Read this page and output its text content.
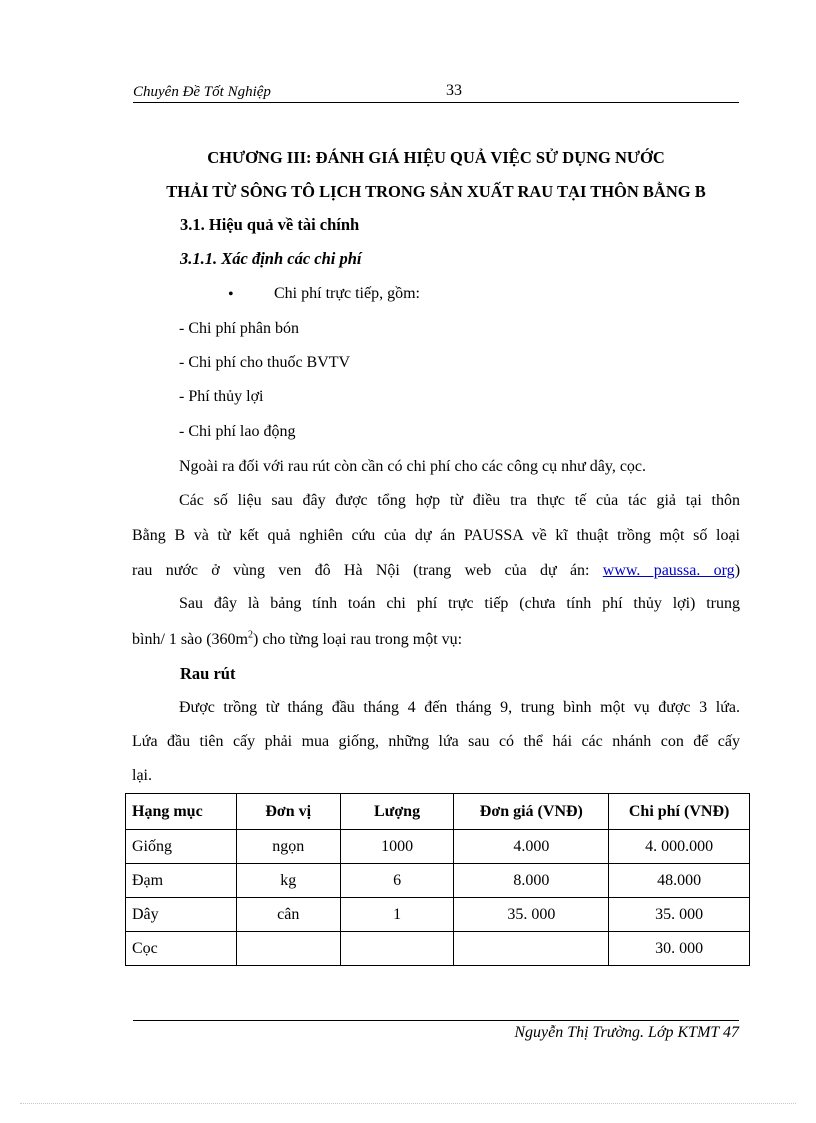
Chuyên Đề Tốt Nghiệp	33
CHƯƠNG III: ĐÁNH GIÁ HIỆU QUẢ VIỆC SỬ DỤNG NƯỚC
THẢI TỪ SÔNG TÔ LỊCH TRONG SẢN XUẤT RAU TẠI THÔN BẰNG B
3.1. Hiệu quả về tài chính
3.1.1. Xác định các chi phí
•	Chi phí trực tiếp, gồm:
- Chi phí phân bón
- Chi phí cho thuốc BVTV
- Phí thủy lợi
- Chi phí lao động
Ngoài ra đối với rau rút còn cần có chi phí cho các công cụ như dây, cọc.
Các số liệu sau đây được tổng hợp từ điều tra thực tế của tác giả tại thôn
Bằng B và từ kết quả nghiên cứu của dự án PAUSSA về kĩ thuật trồng một số loại
rau nước ở vùng ven đô Hà Nội (trang web của dự án: www. paussa. org)
Sau đây là bảng tính toán chi phí trực tiếp (chưa tính phí thủy lợi) trung
bình/ 1 sào $(360m^2)$ cho từng loại rau trong một vụ:
Rau rút
Được trồng từ tháng đầu tháng 4 đến tháng 9, trung bình một vụ được 3 lứa.
Lứa đầu tiên cấy phải mua giống, những lứa sau có thể hái các nhánh con để cấy
lại.
Hạng mục	Đơn vị	Lượng	Đơn giá (VNĐ)	Chi phí (VNĐ)
Giống	ngọn	1000	4.000	4. 000.000
Đạm	kg	6	8.000	48.000
Dây	cân	1	35. 000	35. 000
Cọc				30. 000
Nguyễn Thị Trường. Lớp KTMT 47
